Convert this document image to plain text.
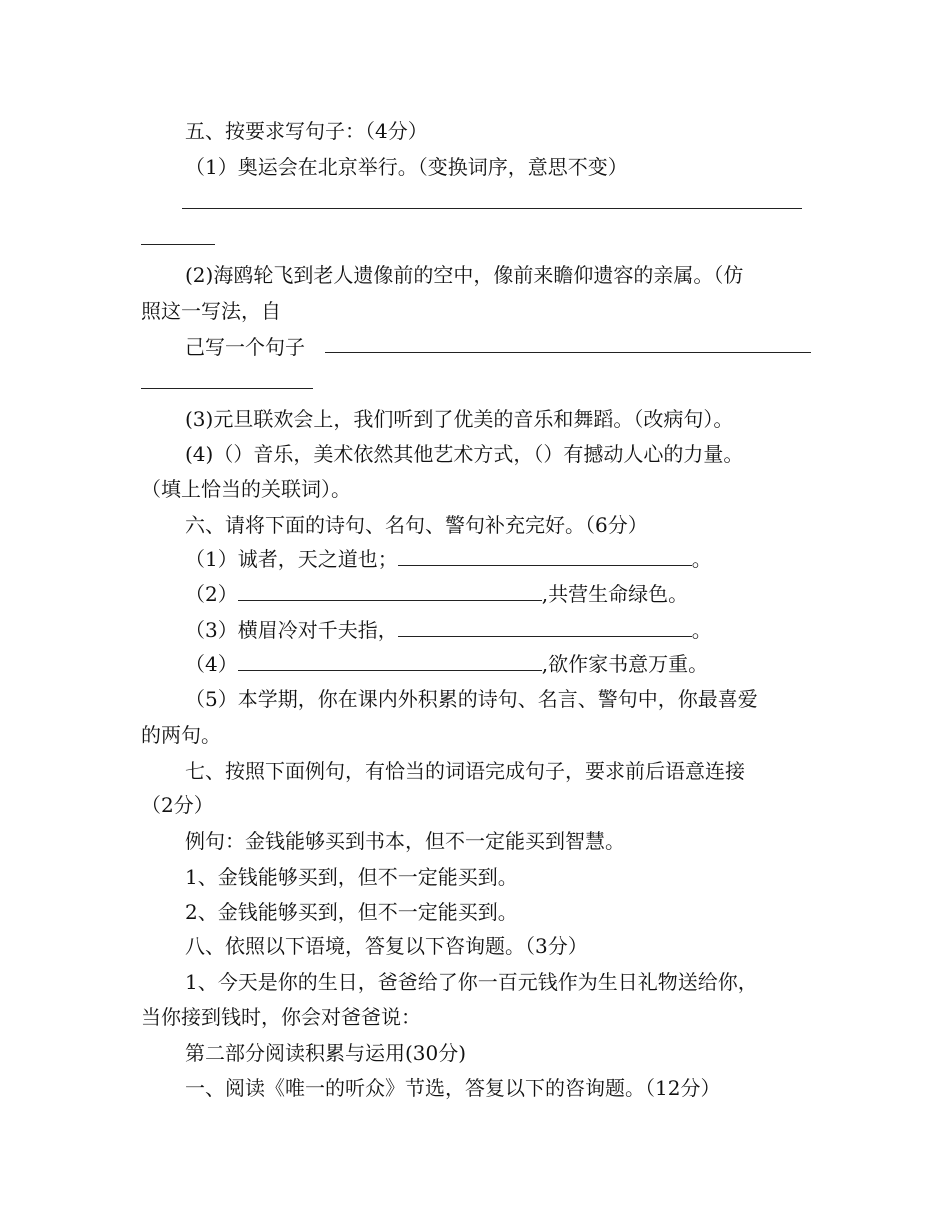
五、按要求写句子：（4分）
（1）奥运会在北京举行。（变换词序，意思不变）
(2)海鸥轮飞到老人遗像前的空中，像前来瞻仰遗容的亲属。（仿
照这一写法，自
己写一个句子
(3)元旦联欢会上，我们听到了优美的音乐和舞蹈。（改病句）。
(4)（）音乐，美术依然其他艺术方式，（）有撼动人心的力量。
（填上恰当的关联词）。
六、请将下面的诗句、名句、警句补充完好。（6分）
（1）诚者，天之道也；	。
（2）	,共营生命绿色。
（3）横眉冷对千夫指，	。
（4）	,欲作家书意万重。
（5）本学期，你在课内外积累的诗句、名言、警句中，你最喜爱
的两句。
七、按照下面例句，有恰当的词语完成句子，要求前后语意连接
（2分）
例句：金钱能够买到书本，但不一定能买到智慧。
1、金钱能够买到，但不一定能买到。
2、金钱能够买到，但不一定能买到。
八、依照以下语境，答复以下咨询题。（3分）
1、今天是你的生日，爸爸给了你一百元钱作为生日礼物送给你，
当你接到钱时，你会对爸爸说：
第二部分阅读积累与运用(30分)
一、阅读《唯一的听众》节选，答复以下的咨询题。（12分）
